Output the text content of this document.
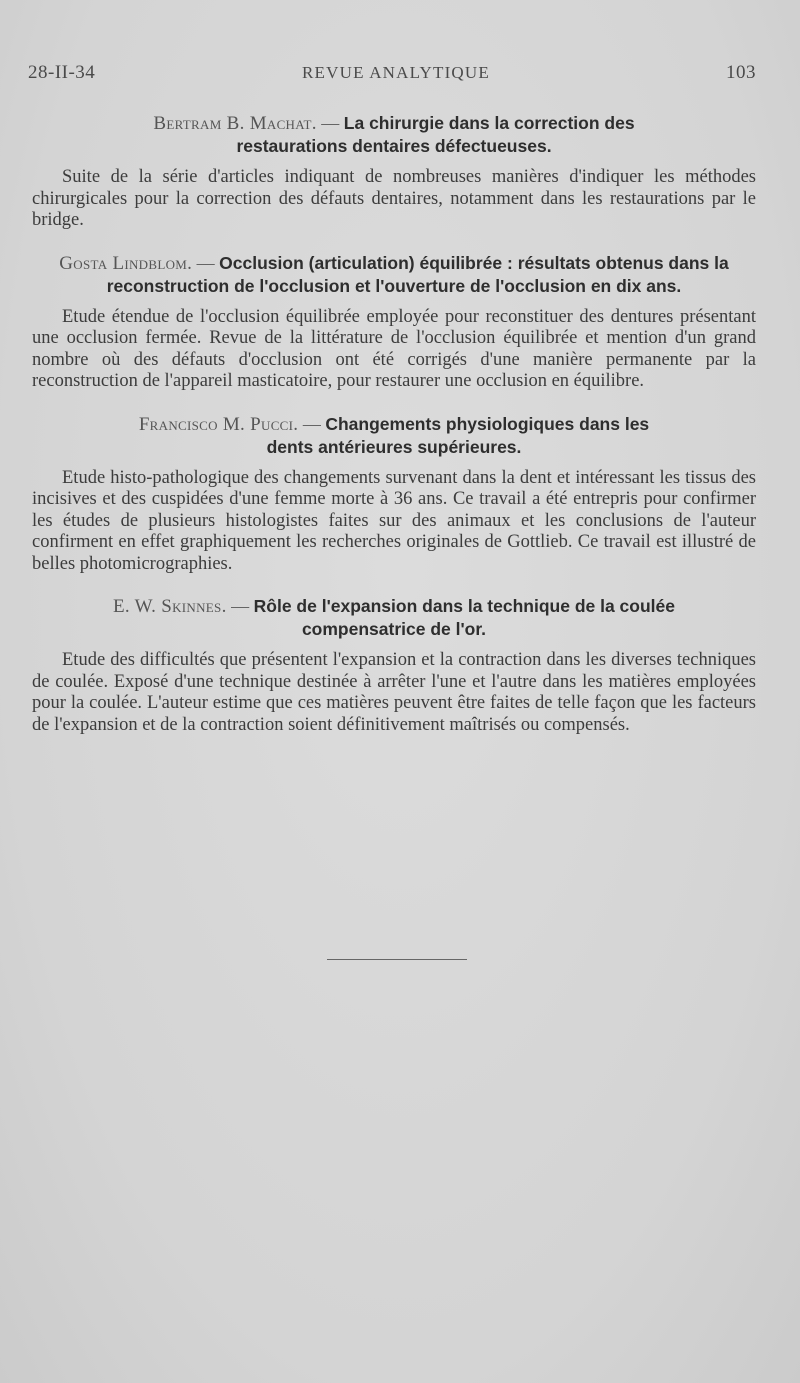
28-II-34	REVUE ANALYTIQUE	103
Bertram B. Machat. — La chirurgie dans la correction des restaurations dentaires défectueuses.

Suite de la série d'articles indiquant de nombreuses manières d'indiquer les méthodes chirurgicales pour la correction des défauts dentaires, notamment dans les restaurations par le bridge.

Gosta Lindblom. — Occlusion (articulation) équilibrée : résultats obtenus dans la reconstruction de l'occlusion et l'ouverture de l'occlusion en dix ans.

Etude étendue de l'occlusion équilibrée employée pour reconstituer des dentures présentant une occlusion fermée. Revue de la littérature de l'occlusion équilibrée et mention d'un grand nombre où des défauts d'occlusion ont été corrigés d'une manière permanente par la reconstruction de l'appareil masticatoire, pour restaurer une occlusion en équilibre.

Francisco M. Pucci. — Changements physiologiques dans les dents antérieures supérieures.

Etude histo-pathologique des changements survenant dans la dent et intéressant les tissus des incisives et des cuspidées d'une femme morte à 36 ans. Ce travail a été entrepris pour confirmer les études de plusieurs histologistes faites sur des animaux et les conclusions de l'auteur confirment en effet graphiquement les recherches originales de Gottlieb. Ce travail est illustré de belles photomicrographies.

E. W. Skinnes. — Rôle de l'expansion dans la technique de la coulée compensatrice de l'or.

Etude des difficultés que présentent l'expansion et la contraction dans les diverses techniques de coulée. Exposé d'une technique destinée à arrêter l'une et l'autre dans les matières employées pour la coulée. L'auteur estime que ces matières peuvent être faites de telle façon que les facteurs de l'expansion et de la contraction soient définitivement maîtrisés ou compensés.
